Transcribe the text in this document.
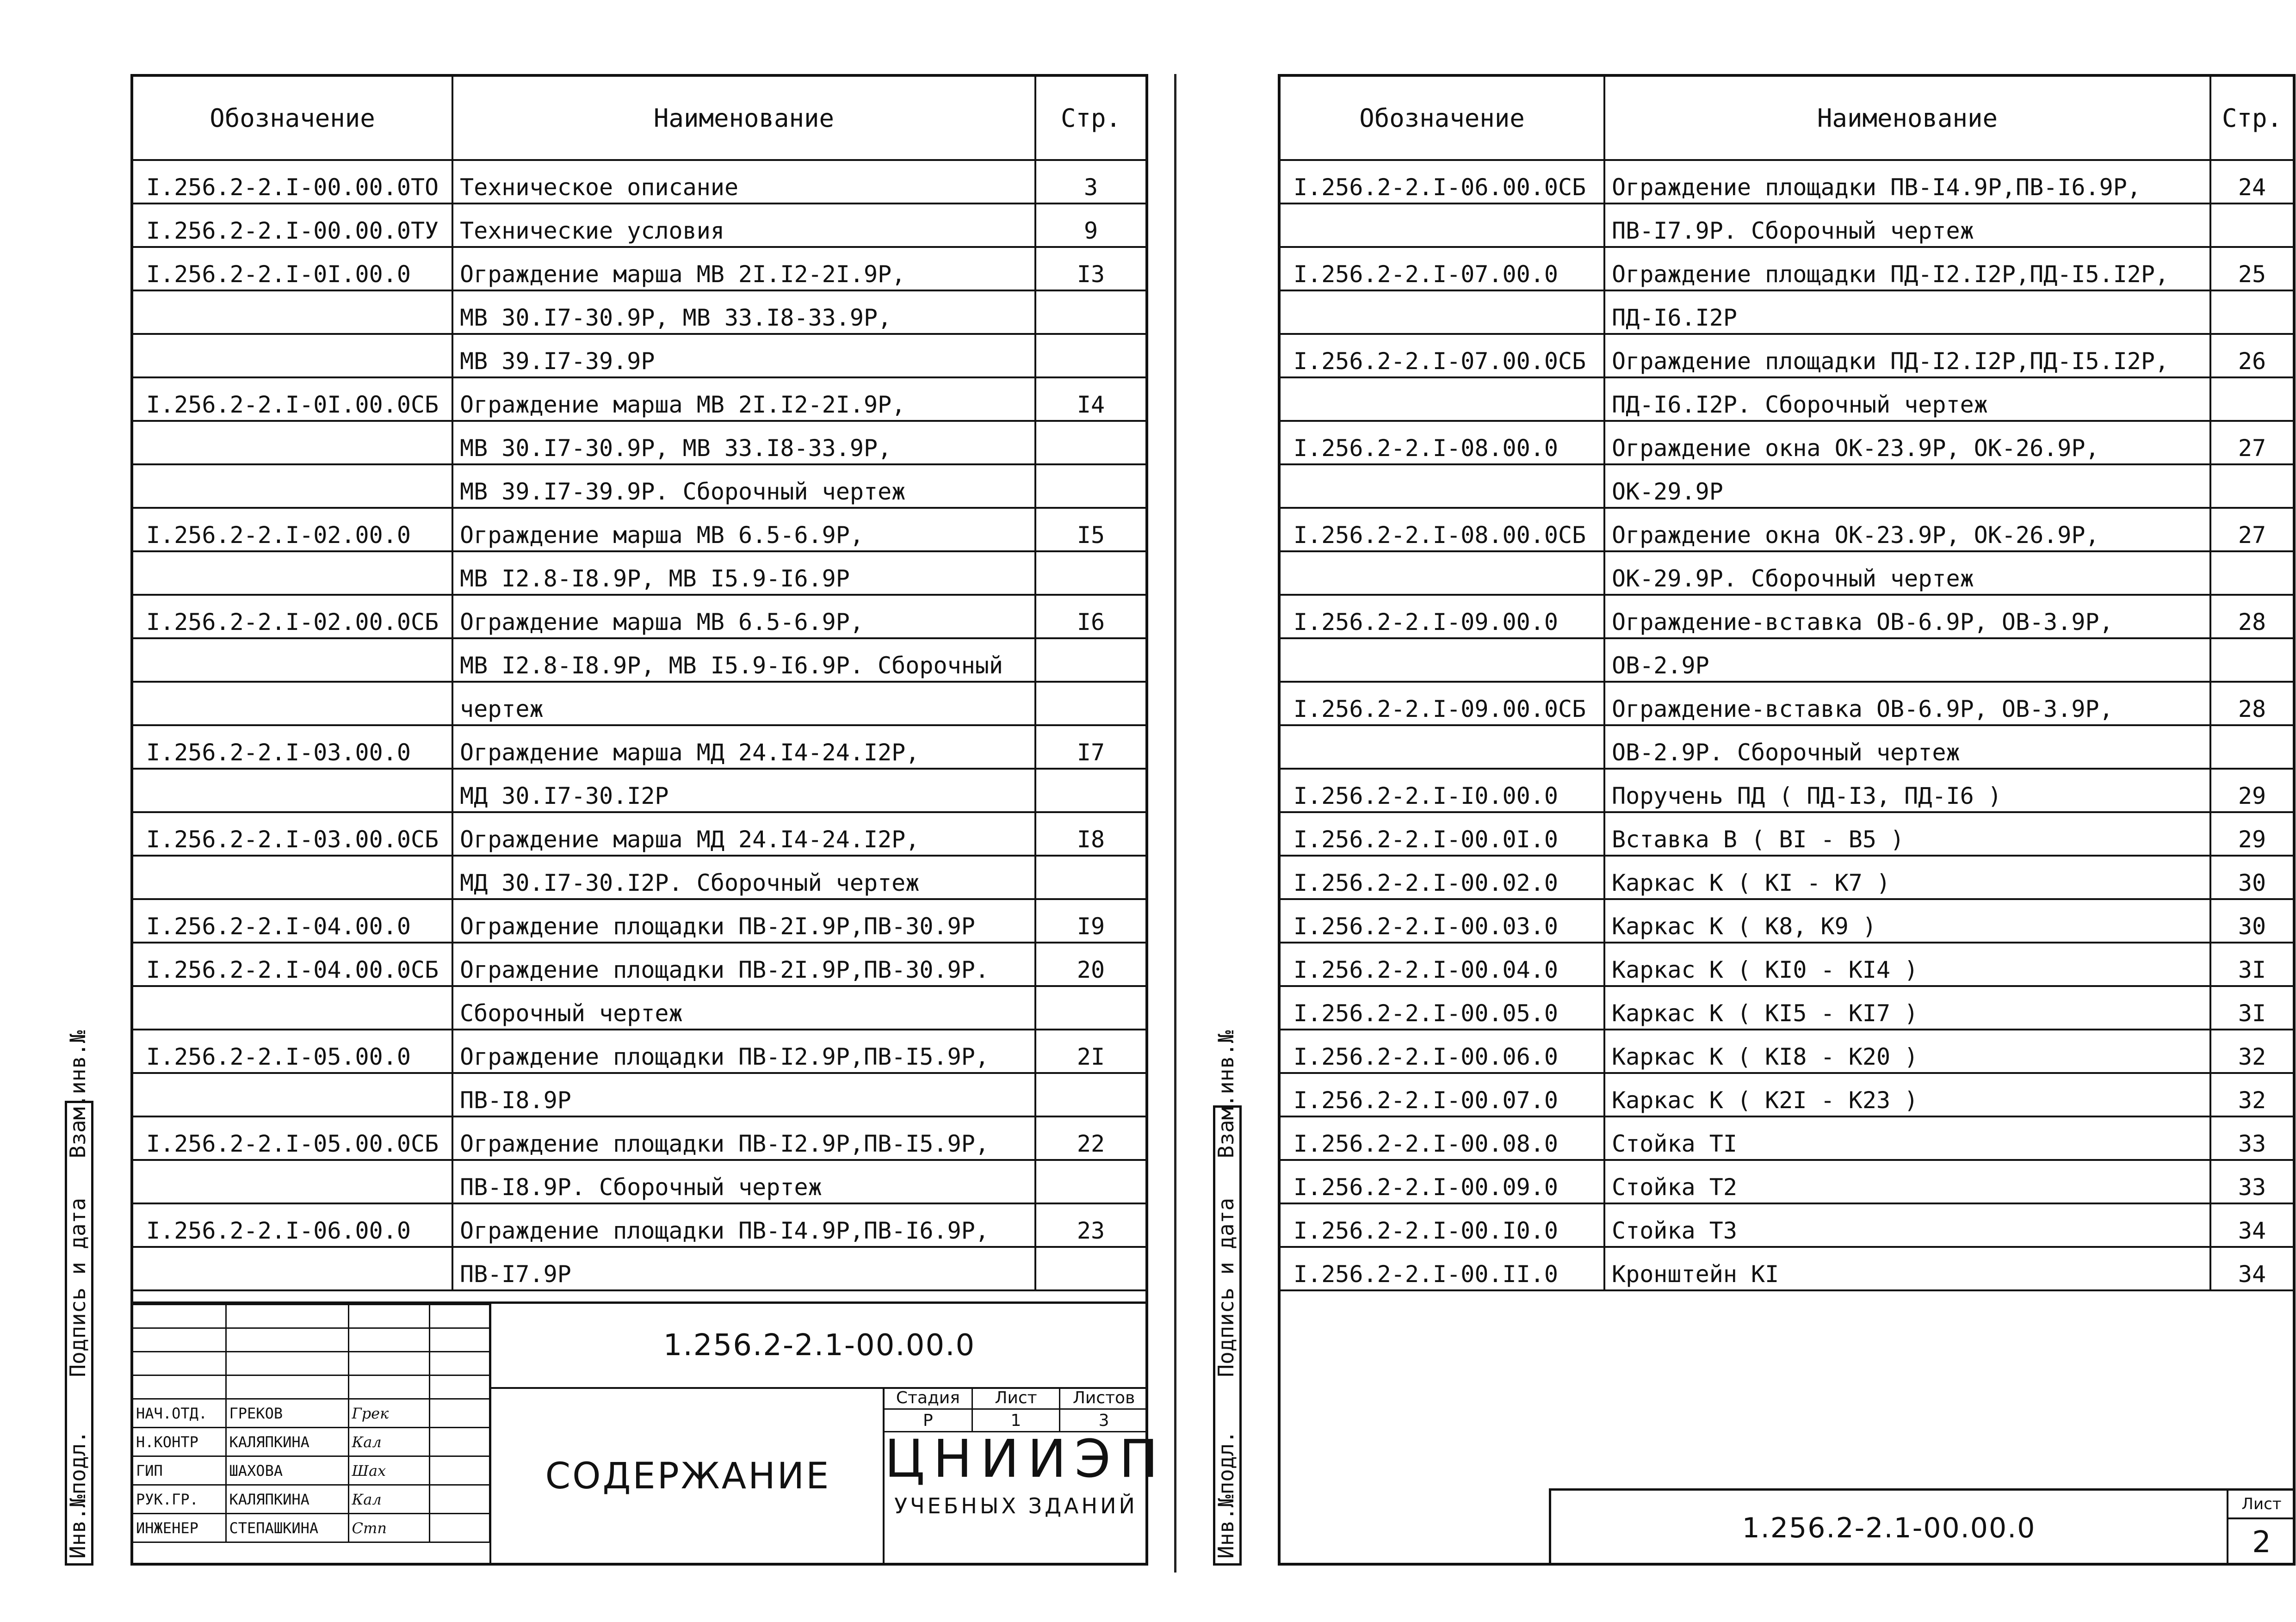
Обозначение	Наименование	Стр.
I.256.2-2.I-00.00.0TO	Техническое описание	3
I.256.2-2.I-00.00.0TУ	Технические условия	9
I.256.2-2.I-0I.00.0	Ограждение марша МВ 2I.I2-2I.9P,	I3
	МВ 30.I7-30.9P, МВ 33.I8-33.9P,	
	МВ 39.I7-39.9P	
I.256.2-2.I-0I.00.0СБ	Ограждение марша МВ 2I.I2-2I.9P,	I4
	МВ 30.I7-30.9P, МВ 33.I8-33.9P,	
	МВ 39.I7-39.9P. Сборочный чертеж	
I.256.2-2.I-02.00.0	Ограждение марша МВ 6.5-6.9P,	I5
	МВ I2.8-I8.9P, МВ I5.9-I6.9P	
I.256.2-2.I-02.00.0СБ	Ограждение марша МВ 6.5-6.9P,	I6
	МВ I2.8-I8.9P, МВ I5.9-I6.9P. Сборочный	
	чертеж	
I.256.2-2.I-03.00.0	Ограждение марша МД 24.I4-24.I2P,	I7
	МД 30.I7-30.I2P	
I.256.2-2.I-03.00.0СБ	Ограждение марша МД 24.I4-24.I2P,	I8
	МД 30.I7-30.I2P. Сборочный чертеж	
I.256.2-2.I-04.00.0	Ограждение площадки ПВ-2I.9P,ПВ-30.9P	I9
I.256.2-2.I-04.00.0СБ	Ограждение площадки ПВ-2I.9P,ПВ-30.9P.	20
	Сборочный чертеж	
I.256.2-2.I-05.00.0	Ограждение площадки ПВ-I2.9P,ПВ-I5.9P,	2I
	ПВ-I8.9P	
I.256.2-2.I-05.00.0СБ	Ограждение площадки ПВ-I2.9P,ПВ-I5.9P,	22
	ПВ-I8.9P. Сборочный чертеж	
I.256.2-2.I-06.00.0	Ограждение площадки ПВ-I4.9P,ПВ-I6.9P,	23
	ПВ-I7.9P	

НАЧ.ОТД.	ГРЕКОВ	Грек	
Н.КОНТР	КАЛЯПКИНА	Кал	
ГИП	ШАХОВА	Шах	
РУК.ГР.	КАЛЯПКИНА	Кал	
ИНЖЕНЕР	СТЕПАШКИНА	Стп	
1.256.2-2.1-00.00.0
СОДЕРЖАНИЕ
Стадия	Лист	Листов
Р	1	3
ЦНИИЭП
УЧЕБНЫХ ЗДАНИЙ
Инв.№подл.  Подпись и дата  Взам.инв.№
Обозначение	Наименование	Стр.
I.256.2-2.I-06.00.0СБ	Ограждение площадки ПВ-I4.9P,ПВ-I6.9P,	24
	ПВ-I7.9P. Сборочный чертеж	
I.256.2-2.I-07.00.0	Ограждение площадки ПД-I2.I2P,ПД-I5.I2P,	25
	ПД-I6.I2P	
I.256.2-2.I-07.00.0СБ	Ограждение площадки ПД-I2.I2P,ПД-I5.I2P,	26
	ПД-I6.I2P. Сборочный чертеж	
I.256.2-2.I-08.00.0	Ограждение окна ОК-23.9P, ОК-26.9P,	27
	ОК-29.9P	
I.256.2-2.I-08.00.0СБ	Ограждение окна ОК-23.9P, ОК-26.9P,	27
	ОК-29.9P. Сборочный чертеж	
I.256.2-2.I-09.00.0	Ограждение-вставка ОВ-6.9P, ОВ-3.9P,	28
	ОВ-2.9P	
I.256.2-2.I-09.00.0СБ	Ограждение-вставка ОВ-6.9P, ОВ-3.9P,	28
	ОВ-2.9P. Сборочный чертеж	
I.256.2-2.I-I0.00.0	Поручень ПД ( ПД-I3, ПД-I6 )	29
I.256.2-2.I-00.0I.0	Вставка В ( BI - B5 )	29
I.256.2-2.I-00.02.0	Каркас К ( КI - К7 )	30
I.256.2-2.I-00.03.0	Каркас К ( К8, К9 )	30
I.256.2-2.I-00.04.0	Каркас К ( КI0 - КI4 )	3I
I.256.2-2.I-00.05.0	Каркас К ( КI5 - КI7 )	3I
I.256.2-2.I-00.06.0	Каркас К ( КI8 - К20 )	32
I.256.2-2.I-00.07.0	Каркас К ( К2I - К23 )	32
I.256.2-2.I-00.08.0	Стойка ТI	33
I.256.2-2.I-00.09.0	Стойка Т2	33
I.256.2-2.I-00.I0.0	Стойка Т3	34
I.256.2-2.I-00.II.0	Кронштейн КI	34
1.256.2-2.1-00.00.0
Лист
2
Инв.№подл.  Подпись и дата  Взам.инв.№
